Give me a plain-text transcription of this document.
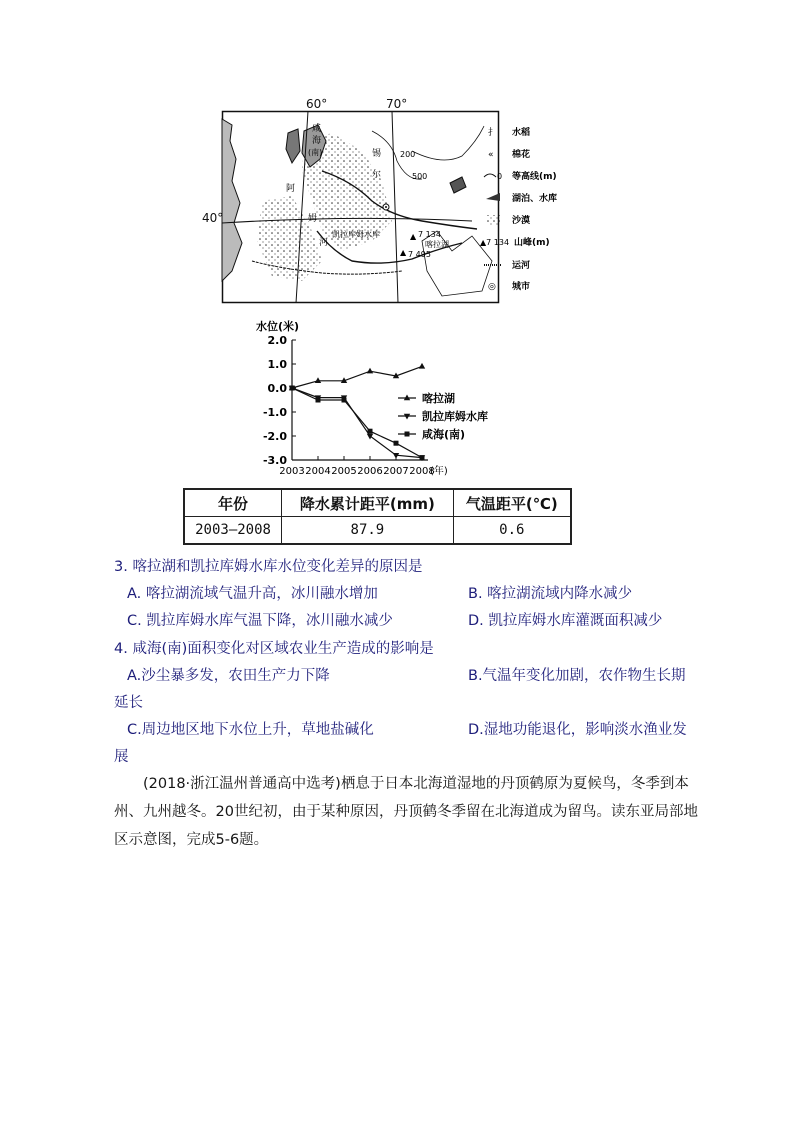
▲
▲
⺘ 水稻
« 棉花
0 等高线(m)
湖泊、水库
沙漠
▲7 134 山峰(m)
运河
◎ 城市
咸
海
(南)	锡
尔
阿
姆
河
凯拉库姆水库
喀拉湖
7 134
7 495
200
500
60°	70°
40°
水位(米)
2.0
1.0
0.0
-1.0
-2.0
-3.0
2003 2004 2005 2006 2007 2008
(年)
喀拉湖
凯拉库姆水库
咸海(南)
年份	降水累计距平(mm)	气温距平(℃)
2003—2008	87.9	0.6
3. 喀拉湖和凯拉库姆水库水位变化差异的原因是
A. 喀拉湖流域气温升高，冰川融水增加	B. 喀拉湖流域内降水减少
C. 凯拉库姆水库气温下降，冰川融水减少	D. 凯拉库姆水库灌溉面积减少
4. 咸海(南)面积变化对区域农业生产造成的影响是
A.沙尘暴多发，农田生产力下降	B.气温年变化加剧，农作物生长期
延长
C.周边地区地下水位上升，草地盐碱化	D.湿地功能退化，影响淡水渔业发
展
(2018·浙江温州普通高中选考)栖息于日本北海道湿地的丹顶鹤原为夏候鸟，冬季到本
州、九州越冬。20世纪初，由于某种原因，丹顶鹤冬季留在北海道成为留鸟。读东亚局部地
区示意图，完成5-6题。
